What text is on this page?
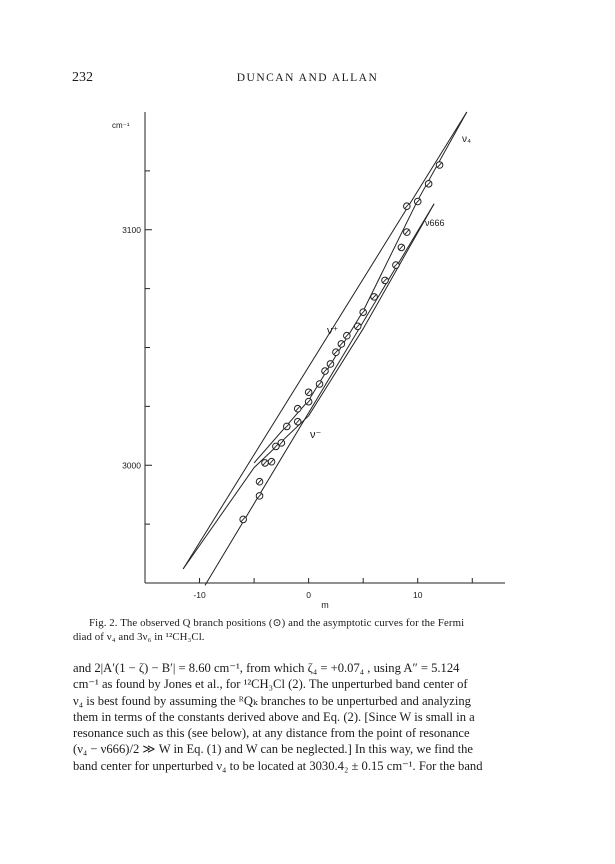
232	DUNCAN AND ALLAN
3000
3100
-10	0	10
cm⁻¹
m
ν₄
ν666
ν⁺
ν⁻
Fig. 2. The observed Q branch positions (⊙) and the asymptotic curves for the Fermi
diad of ν₄ and 3ν₆ in ¹²CH₃Cl.
and 2|A′(1 − ζ) − B′| = 8.60 cm⁻¹, from which ζ₄ = +0.07₄ , using A″ = 5.124
cm⁻¹ as found by Jones et al., for ¹²CH₃Cl (2). The unperturbed band center of
ν₄ is best found by assuming the ᴿQₖ branches to be unperturbed and analyzing
them in terms of the constants derived above and Eq. (2). [Since W is small in a
resonance such as this (see below), at any distance from the point of resonance
(ν₄ − ν666)/2 ≫ W in Eq. (1) and W can be neglected.] In this way, we find the
band center for unperturbed ν₄ to be located at 3030.4₂ ± 0.15 cm⁻¹. For the band
